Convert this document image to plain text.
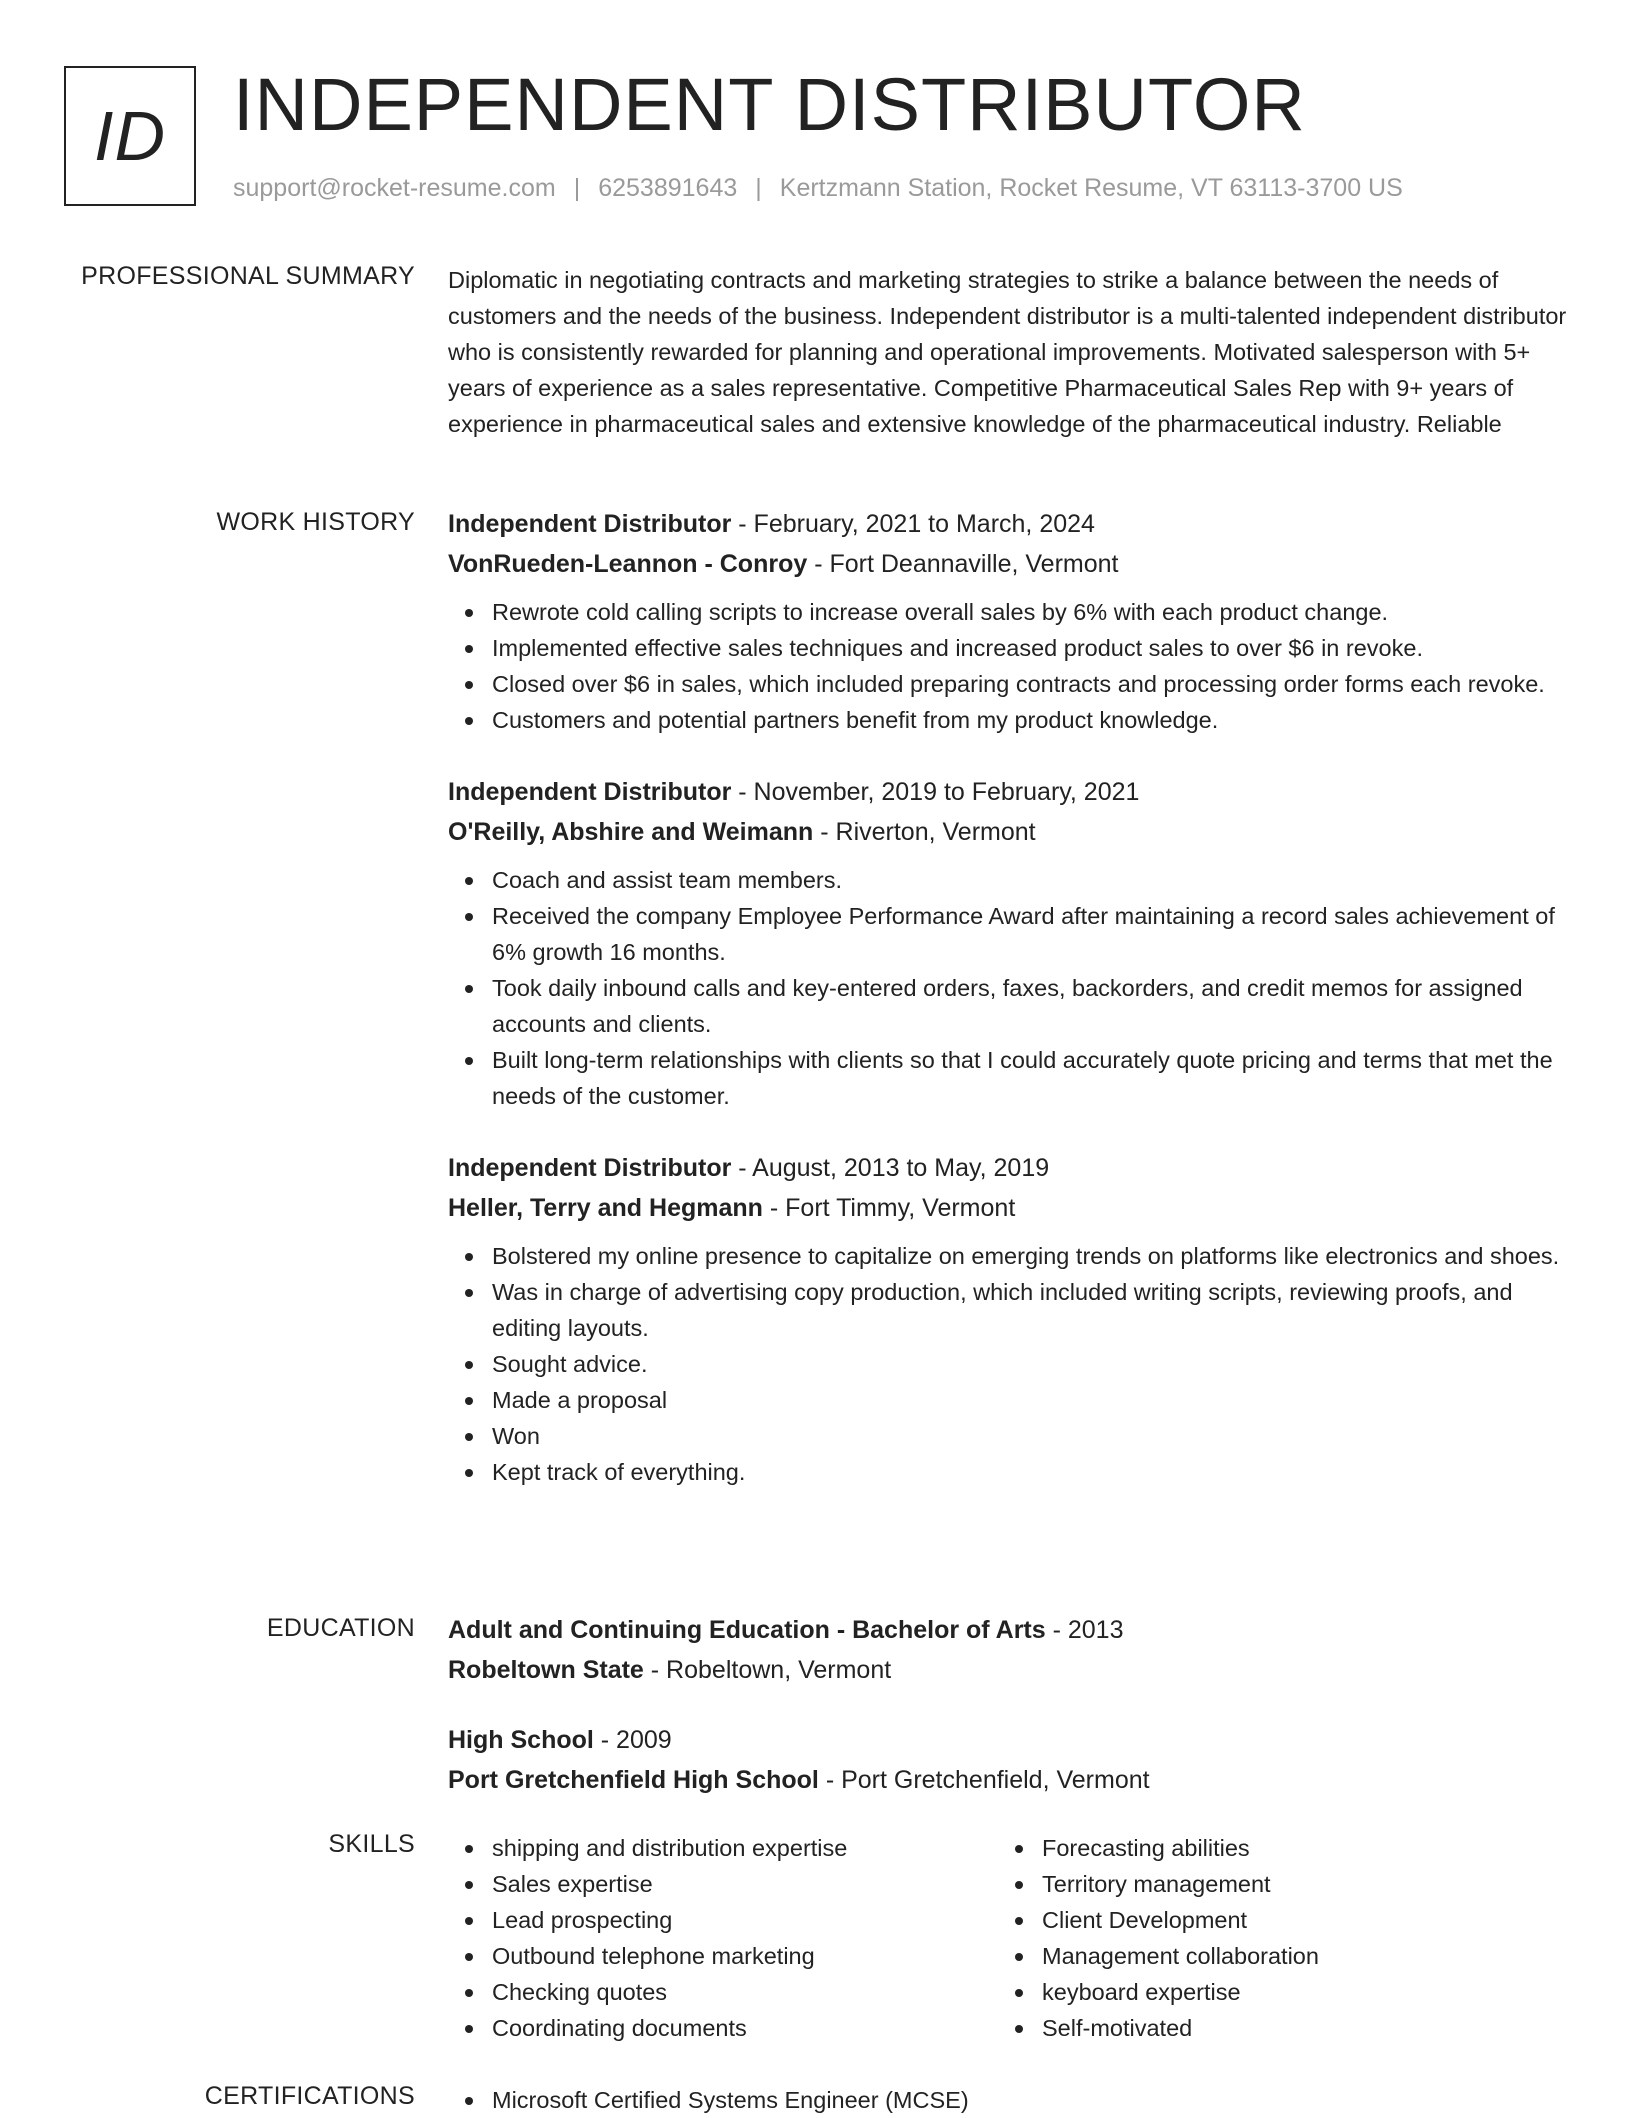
ID INDEPENDENT DISTRIBUTOR
support@rocket-resume.com | 6253891643 | Kertzmann Station, Rocket Resume, VT 63113-3700 US
PROFESSIONAL SUMMARY Diplomatic in negotiating contracts and marketing strategies to strike a balance between the needs of customers and the needs of the business. Independent distributor is a multi-talented independent distributor who is consistently rewarded for planning and operational improvements. Motivated salesperson with 5+ years of experience as a sales representative. Competitive Pharmaceutical Sales Rep with 9+ years of experience in pharmaceutical sales and extensive knowledge of the pharmaceutical industry. Reliable

WORK HISTORY Independent Distributor - February, 2021 to March, 2024
VonRueden-Leannon - Conroy - Fort Deannaville, Vermont
Rewrote cold calling scripts to increase overall sales by 6% with each product change.
Implemented effective sales techniques and increased product sales to over $6 in revoke.
Closed over $6 in sales, which included preparing contracts and processing order forms each revoke.
Customers and potential partners benefit from my product knowledge.
Independent Distributor - November, 2019 to February, 2021
O'Reilly, Abshire and Weimann - Riverton, Vermont
Coach and assist team members.
Received the company Employee Performance Award after maintaining a record sales achievement of 6% growth 16 months.
Took daily inbound calls and key-entered orders, faxes, backorders, and credit memos for assigned accounts and clients.
Built long-term relationships with clients so that I could accurately quote pricing and terms that met the needs of the customer.
Independent Distributor - August, 2013 to May, 2019
Heller, Terry and Hegmann - Fort Timmy, Vermont
Bolstered my online presence to capitalize on emerging trends on platforms like electronics and shoes.
Was in charge of advertising copy production, which included writing scripts, reviewing proofs, and editing layouts.
Sought advice.
Made a proposal
Won
Kept track of everything.
EDUCATION Adult and Continuing Education - Bachelor of Arts - 2013
Robeltown State - Robeltown, Vermont
High School - 2009
Port Gretchenfield High School - Port Gretchenfield, Vermont
SKILLS	shipping and distribution expertise
Sales expertise
Lead prospecting
Outbound telephone marketing
Checking quotes
Coordinating documents
Forecasting abilities
Territory management
Client Development
Management collaboration
keyboard expertise
Self-motivated
CERTIFICATIONS	Microsoft Certified Systems Engineer (MCSE)
